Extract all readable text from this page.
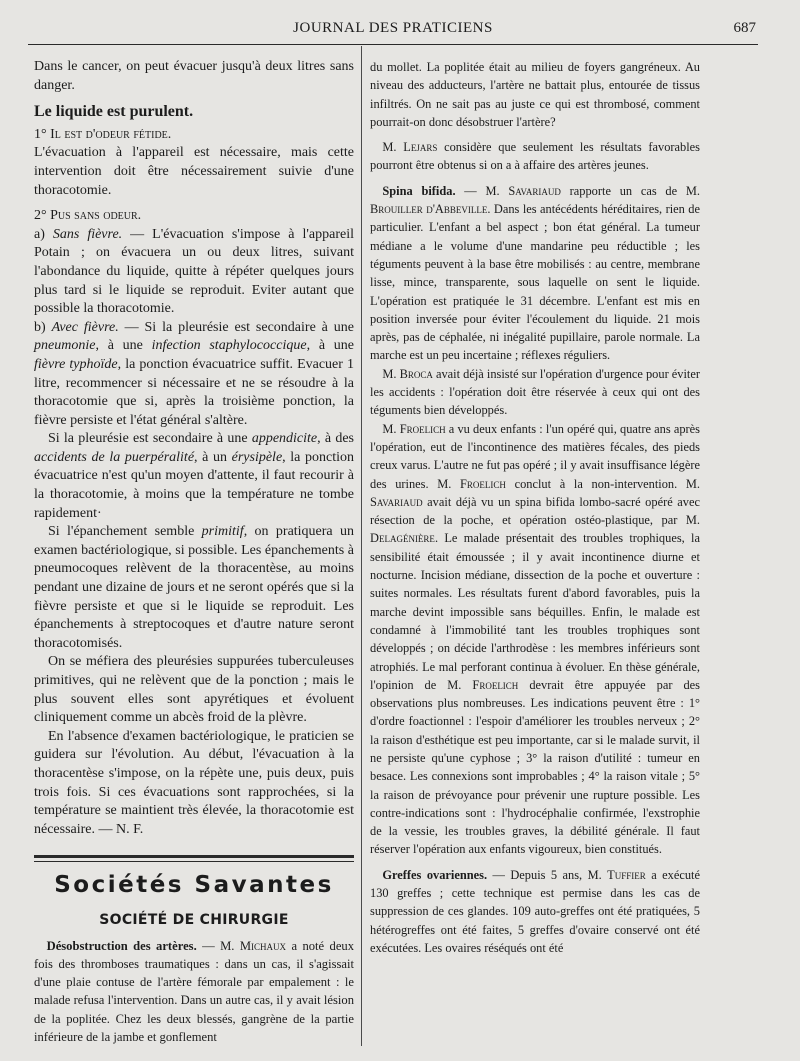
JOURNAL DES PRATICIENS	687

Dans le cancer, on peut évacuer jusqu'à deux litres sans danger.

Le liquide est purulent.

1° Il est d'odeur fétide.

L'évacuation à l'appareil est nécessaire, mais cette intervention doit être nécessairement suivie d'une thoracotomie.

2° Pus sans odeur.

a) Sans fièvre. — L'évacuation s'impose à l'appareil Potain ; on évacuera un ou deux litres, suivant l'abondance du liquide, quitte à répéter quelques jours plus tard si le liquide se reproduit. Eviter autant que possible la thoracotomie.

b) Avec fièvre. — Si la pleurésie est secondaire à une pneumonie, à une infection staphylococcique, à une fièvre typhoïde, la ponction évacuatrice suffit. Evacuer 1 litre, recommencer si nécessaire et ne se résoudre à la thoracotomie que si, après la troisième ponction, la fièvre persiste et l'état général s'altère.

 Si la pleurésie est secondaire à une appendicite, à des accidents de la puerpéralité, à un érysipèle, la ponction évacuatrice n'est qu'un moyen d'attente, il faut recourir à la thoracotomie, à moins que la température ne tombe rapidement·

 Si l'épanchement semble primitif, on pratiquera un examen bactériologique, si possible. Les épanchements à pneumocoques relèvent de la thoracentèse, au moins pendant une dizaine de jours et ne seront opérés que si la fièvre persiste et que si le liquide se reproduit. Les épanchements à streptocoques et d'autre nature seront thoracotomisés.

 On se méfiera des pleurésies suppurées tuberculeuses primitives, qui ne relèvent que de la ponction ; mais le plus souvent elles sont apyrétiques et évoluent cliniquement comme un abcès froid de la plèvre.

 En l'absence d'examen bactériologique, le praticien se guidera sur l'évolution. Au début, l'évacuation à la thoracentèse s'impose, on la répète une, puis deux, puis trois fois. Si ces évacuations sont rapprochées, si la température se maintient très élevée, la thoracotomie est nécessaire. — N. F.

Sociétés Savantes
SOCIÉTÉ DE CHIRURGIE

 Désobstruction des artères. — M. Michaux a noté deux fois des thromboses traumatiques : dans un cas, il s'agissait d'une plaie contuse de l'artère fémorale par empalement : le malade refusa l'intervention. Dans un autre cas, il y avait lésion de la poplitée. Chez les deux blessés, gangrène de la partie inférieure de la jambe et gonflement

du mollet. La poplitée était au milieu de foyers gangréneux. Au niveau des adducteurs, l'artère ne battait plus, entourée de tissus infiltrés. On ne sait pas au juste ce qui est thrombosé, comment pourrait-on donc désobstruer l'artère?

 M. Lejars considère que seulement les résultats favorables pourront être obtenus si on a à affaire des artères jeunes.

 Spina bifida. — M. Savariaud rapporte un cas de M. Brouiller d'Abbeville. Dans les antécédents héréditaires, rien de particulier. L'enfant a bel aspect ; bon état général. La tumeur médiane a le volume d'une mandarine peu réductible ; les téguments peuvent à la base être mobilisés : au centre, membrane lisse, mince, transparente, sous laquelle on sent le liquide. L'opération est pratiquée le 31 décembre. L'enfant est mis en position inversée pour éviter l'écoulement du liquide. 21 mois après, pas de céphalée, ni inégalité pupillaire, parole normale. La marche est un peu incertaine ; réflexes réguliers.

 M. Broca avait déjà insisté sur l'opération d'urgence pour éviter les accidents : l'opération doit être réservée à ceux qui ont des téguments bien développés.

 M. Froelich a vu deux enfants : l'un opéré qui, quatre ans après l'opération, eut de l'incontinence des matières fécales, des pieds creux varus. L'autre ne fut pas opéré ; il y avait insuffisance légère des urines. M. Froelich conclut à la non-intervention. M. Savariaud avait déjà vu un spina bifida lombo-sacré opéré avec résection de la poche, et opération ostéo-plastique, par M. Delagénière. Le malade présentait des troubles trophiques, la sensibilité était émoussée ; il y avait incontinence diurne et nocturne. Incision médiane, dissection de la poche et ouverture : suites normales. Les résultats furent d'abord favorables, puis la marche devint impossible sans béquilles. Enfin, le malade est condamné à l'immobilité tant les troubles trophiques sont développés ; on décide l'arthrodèse : les membres inférieurs sont atrophiés. Le mal perforant continua à évoluer. En thèse générale, l'opinion de M. Froelich devrait être appuyée par des observations plus nombreuses. Les indications peuvent être : 1° d'ordre foactionnel : l'espoir d'améliorer les troubles nerveux ; 2° la raison d'esthétique est peu importante, car si le malade survit, il ne persiste qu'une cyphose ; 3° la raison d'utilité : tumeur en besace. Les connexions sont improbables ; 4° la raison vitale ; 5° la raison de prévoyance pour prévenir une rupture possible. Les contre-indications sont : l'hydrocéphalie confirmée, l'exstrophie de la vessie, les troubles graves, la débilité générale. Il faut réserver l'opération aux enfants vigoureux, bien constitués.

 Greffes ovariennes. — Depuis 5 ans, M. Tuffier a exécuté 130 greffes ; cette technique est permise dans les cas de suppression de ces glandes. 109 auto-greffes ont été pratiquées, 5 hétérogreffes ont été faites, 5 greffes d'ovaire conservé ont été exécutées. Les ovaires réséqués ont été
